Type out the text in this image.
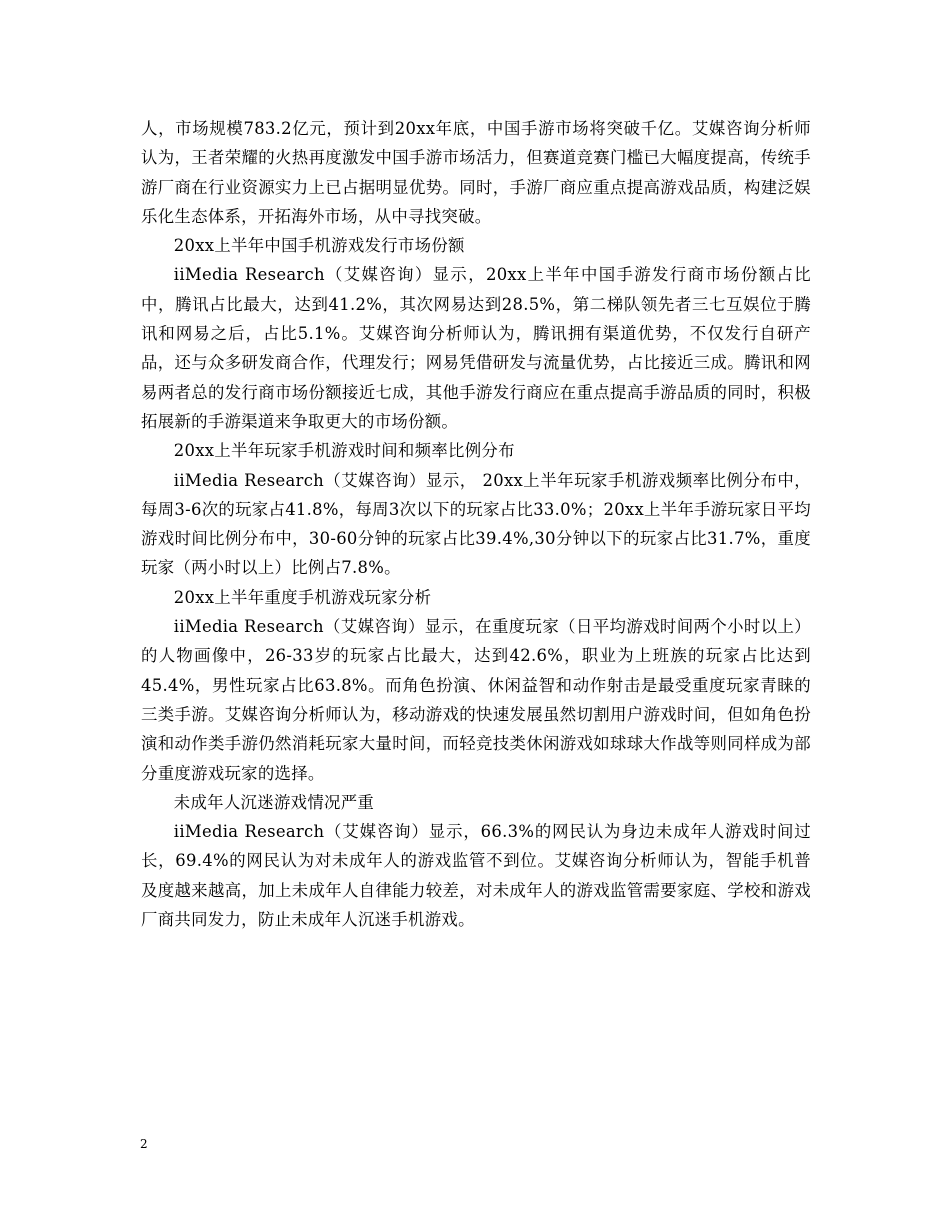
人，市场规模783.2亿元，预计到20xx年底，中国手游市场将突破千亿。艾媒咨询分析师认为，王者荣耀的火热再度激发中国手游市场活力，但赛道竞赛门槛已大幅度提高，传统手游厂商在行业资源实力上已占据明显优势。同时，手游厂商应重点提高游戏品质，构建泛娱乐化生态体系，开拓海外市场，从中寻找突破。

20xx上半年中国手机游戏发行市场份额

iiMedia Research（艾媒咨询）显示，20xx上半年中国手游发行商市场份额占比中，腾讯占比最大，达到41.2%，其次网易达到28.5%，第二梯队领先者三七互娱位于腾讯和网易之后，占比5.1%。艾媒咨询分析师认为，腾讯拥有渠道优势，不仅发行自研产品，还与众多研发商合作，代理发行；网易凭借研发与流量优势，占比接近三成。腾讯和网易两者总的发行商市场份额接近七成，其他手游发行商应在重点提高手游品质的同时，积极拓展新的手游渠道来争取更大的市场份额。

20xx上半年玩家手机游戏时间和频率比例分布

iiMedia Research（艾媒咨询）显示， 20xx上半年玩家手机游戏频率比例分布中，每周3-6次的玩家占41.8%，每周3次以下的玩家占比33.0%；20xx上半年手游玩家日平均游戏时间比例分布中，30-60分钟的玩家占比39.4%,30分钟以下的玩家占比31.7%，重度玩家（两小时以上）比例占7.8%。

20xx上半年重度手机游戏玩家分析

iiMedia Research（艾媒咨询）显示，在重度玩家（日平均游戏时间两个小时以上）的人物画像中，26-33岁的玩家占比最大，达到42.6%，职业为上班族的玩家占比达到45.4%，男性玩家占比63.8%。而角色扮演、休闲益智和动作射击是最受重度玩家青睐的三类手游。艾媒咨询分析师认为，移动游戏的快速发展虽然切割用户游戏时间，但如角色扮演和动作类手游仍然消耗玩家大量时间，而轻竞技类休闲游戏如球球大作战等则同样成为部分重度游戏玩家的选择。

未成年人沉迷游戏情况严重

iiMedia Research（艾媒咨询）显示，66.3%的网民认为身边未成年人游戏时间过长，69.4%的网民认为对未成年人的游戏监管不到位。艾媒咨询分析师认为，智能手机普及度越来越高，加上未成年人自律能力较差，对未成年人的游戏监管需要家庭、学校和游戏厂商共同发力，防止未成年人沉迷手机游戏。

2
